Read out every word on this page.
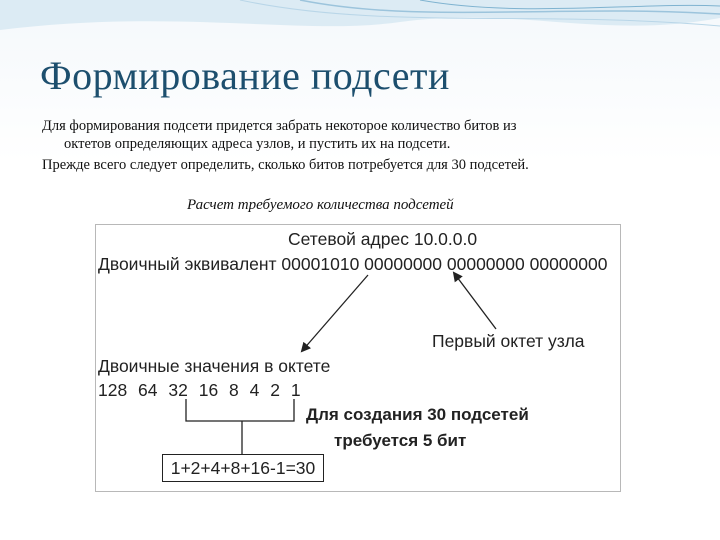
Формирование подсети

Для формирования подсети придется забрать некоторое количество битов из
октетов определяющих адреса узлов, и пустить их на подсети.

Прежде всего следует определить, сколько битов потребуется для 30 подсетей.

Расчет требуемого количества подсетей

Сетевой адрес 10.0.0.0
Двоичный эквивалент 00001010 00000000 00000000 00000000
Первый октет узла
Двоичные значения в октете
128 64 32 16 8 4 2 1
Для создания 30 подсетей
требуется 5 бит
1+2+4+8+16-1=30
